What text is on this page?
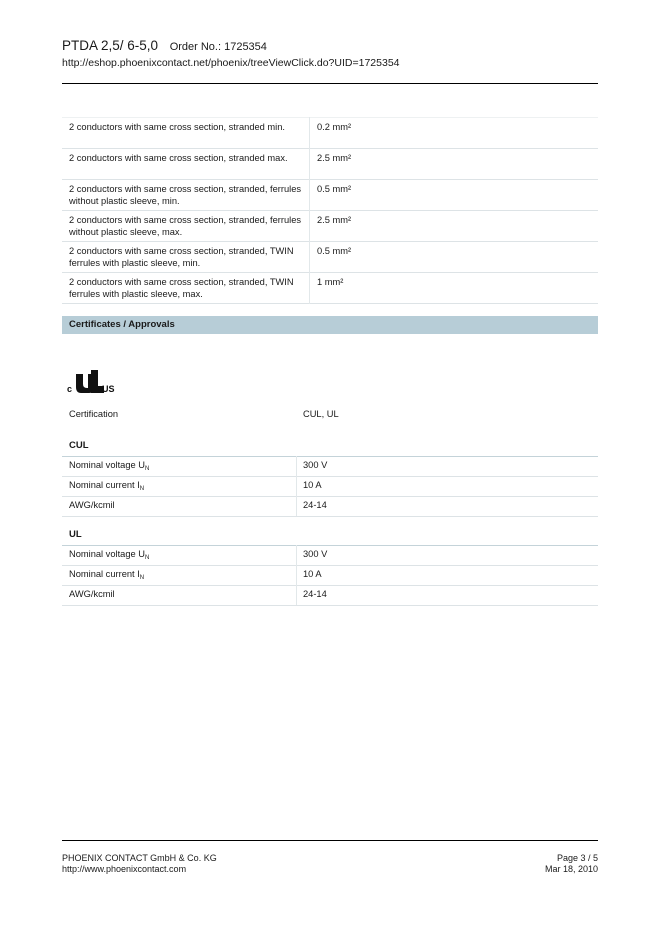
PTDA 2,5/ 6-5,0 Order No.: 1725354
http://eshop.phoenixcontact.net/phoenix/treeViewClick.do?UID=1725354
2 conductors with same cross section, stranded min.	0.2 mm²
2 conductors with same cross section, stranded max.	2.5 mm²
2 conductors with same cross section, stranded, ferrules without plastic sleeve, min.	0.5 mm²
2 conductors with same cross section, stranded, ferrules without plastic sleeve, max.	2.5 mm²
2 conductors with same cross section, stranded, TWIN ferrules with plastic sleeve, min.	0.5 mm²
2 conductors with same cross section, stranded, TWIN ferrules with plastic sleeve, max.	1 mm²
Certificates / Approvals
c	US
Certification	CUL, UL
CUL
Nominal voltage $U_N$	300 V
Nominal current $I_N$	10 A
AWG/kcmil	24-14
UL
Nominal voltage $U_N$	300 V
Nominal current $I_N$	10 A
AWG/kcmil	24-14
PHOENIX CONTACT GmbH & Co. KG
http://www.phoenixcontact.com
Page 3 / 5
Mar 18, 2010
